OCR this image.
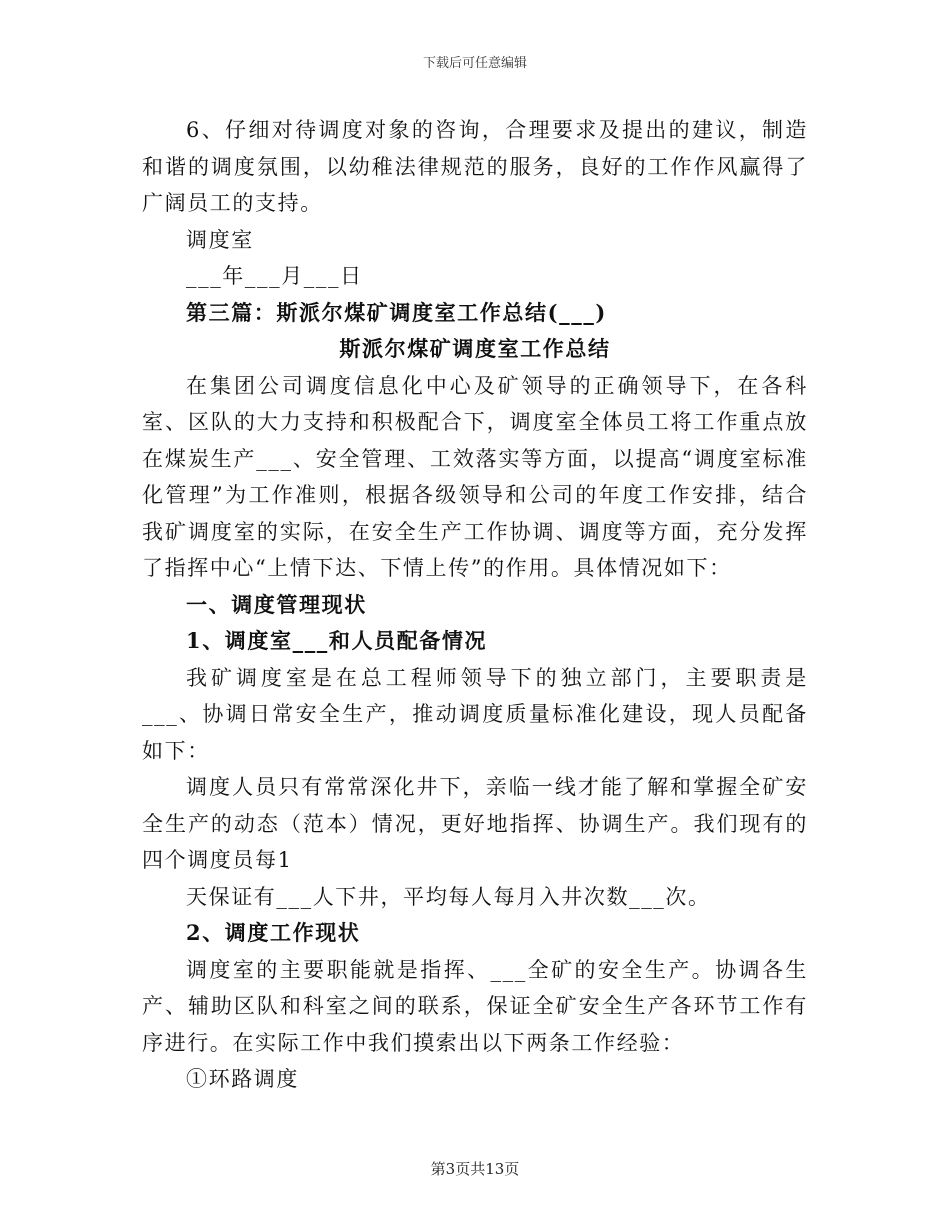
下载后可任意编辑

6、仔细对待调度对象的咨询，合理要求及提出的建议，制造和谐的调度氛围，以幼稚法律规范的服务，良好的工作作风赢得了广阔员工的支持。

调度室

___年___月___日

第三篇：斯派尔煤矿调度室工作总结(___)

斯派尔煤矿调度室工作总结

在集团公司调度信息化中心及矿领导的正确领导下，在各科室、区队的大力支持和积极配合下，调度室全体员工将工作重点放在煤炭生产___、安全管理、工效落实等方面，以提高“调度室标准化管理”为工作准则，根据各级领导和公司的年度工作安排，结合我矿调度室的实际，在安全生产工作协调、调度等方面，充分发挥了指挥中心“上情下达、下情上传”的作用。具体情况如下：

一、调度管理现状

1、调度室___和人员配备情况

我矿调度室是在总工程师领导下的独立部门，主要职责是___、协调日常安全生产，推动调度质量标准化建设，现人员配备如下：

调度人员只有常常深化井下，亲临一线才能了解和掌握全矿安全生产的动态（范本）情况，更好地指挥、协调生产。我们现有的四个调度员每1

天保证有___人下井，平均每人每月入井次数___次。

2、调度工作现状

调度室的主要职能就是指挥、___全矿的安全生产。协调各生产、辅助区队和科室之间的联系，保证全矿安全生产各环节工作有序进行。在实际工作中我们摸索出以下两条工作经验：

①环路调度

第3页共13页
